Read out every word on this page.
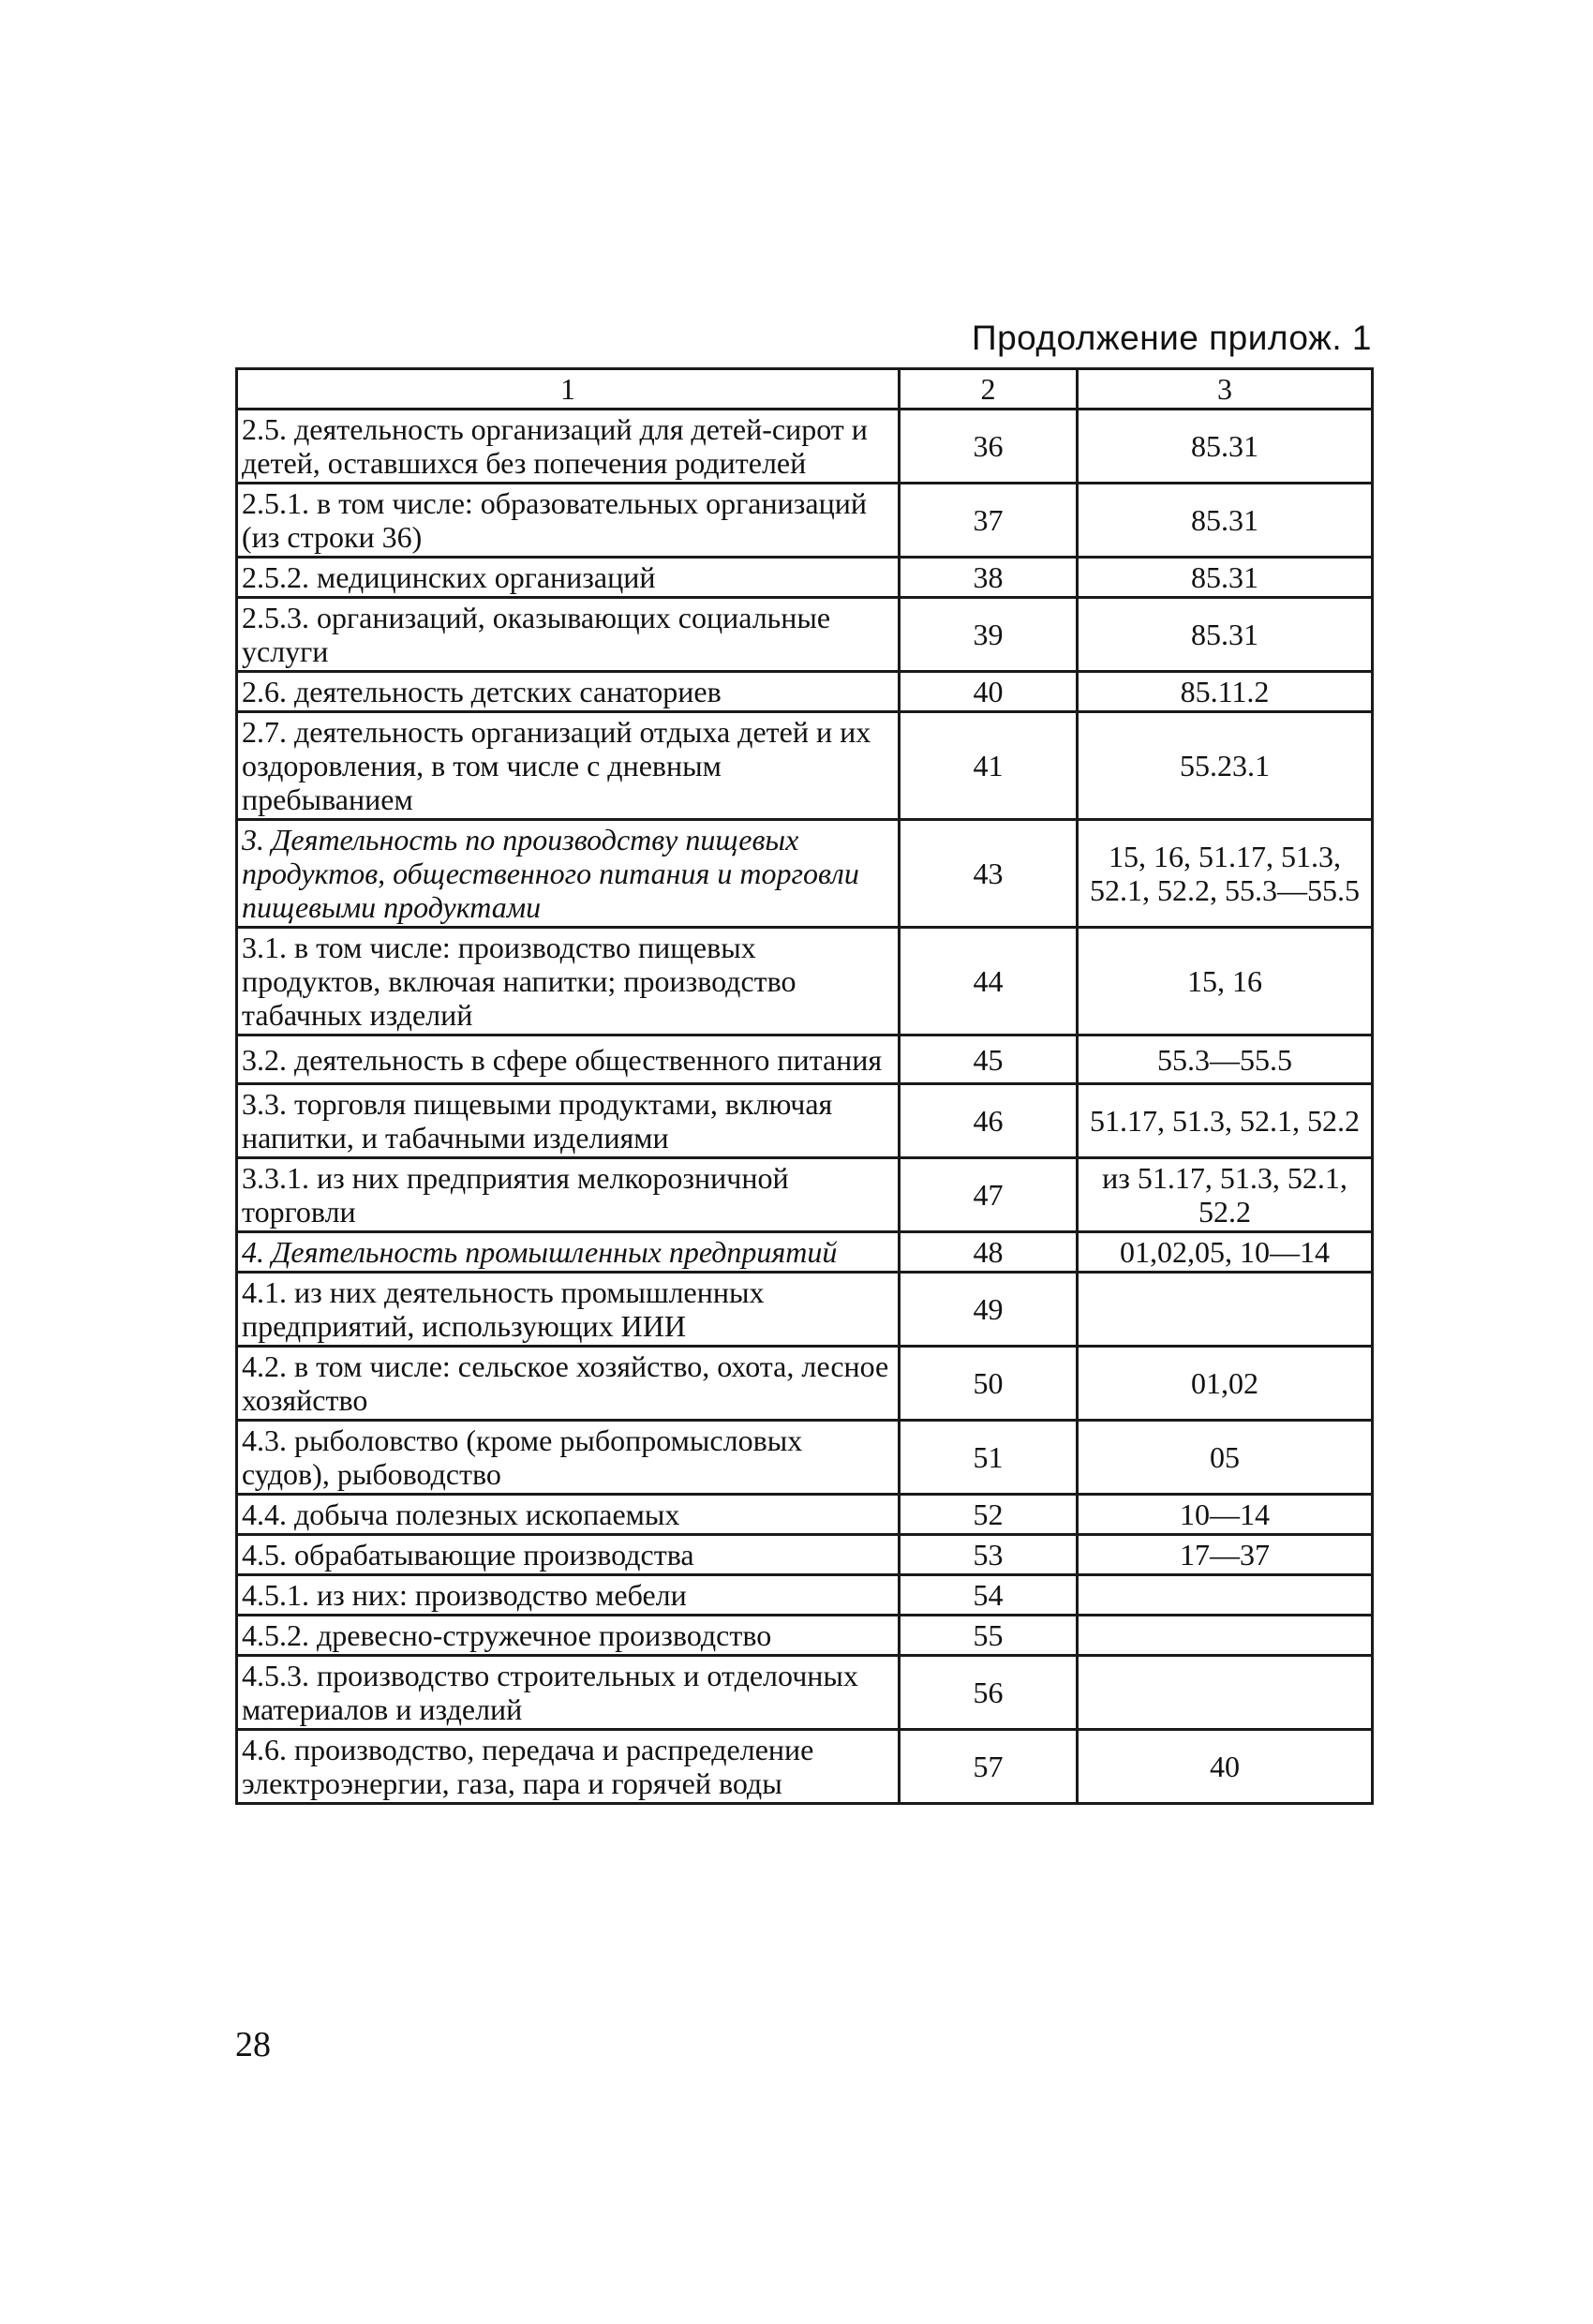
Продолжение прилож. 1
1	2	3
2.5. деятельность организаций для детей-сирот и детей, оставшихся без попечения родителей	36	85.31
2.5.1. в том числе: образовательных организаций (из строки 36)	37	85.31
2.5.2. медицинских организаций	38	85.31
2.5.3. организаций, оказывающих социальные услуги	39	85.31
2.6. деятельность детских санаториев	40	85.11.2
2.7. деятельность организаций отдыха детей и их оздоровления, в том числе с дневным пребыванием	41	55.23.1
3. Деятельность по производству пищевых продуктов, общественного питания и торговли пищевыми продуктами	43	15, 16, 51.17, 51.3, 52.1, 52.2, 55.3—55.5
3.1. в том числе: производство пищевых продуктов, включая напитки; производство табачных изделий	44	15, 16
3.2. деятельность в сфере общественного питания	45	55.3—55.5
3.3. торговля пищевыми продуктами, включая напитки, и табачными изделиями	46	51.17, 51.3, 52.1, 52.2
3.3.1. из них предприятия мелкорозничной торговли	47	из 51.17, 51.3, 52.1, 52.2
4. Деятельность промышленных предприятий	48	01,02,05, 10—14
4.1. из них деятельность промышленных предприятий, использующих ИИИ	49	
4.2. в том числе: сельское хозяйство, охота, лесное хозяйство	50	01,02
4.3. рыболовство (кроме рыбопромысловых судов), рыбоводство	51	05
4.4. добыча полезных ископаемых	52	10—14
4.5. обрабатывающие производства	53	17—37
4.5.1. из них: производство мебели	54	
4.5.2. древесно-стружечное производство	55	
4.5.3. производство строительных и отделочных материалов и изделий	56	
4.6. производство, передача и распределение электроэнергии, газа, пара и горячей воды	57	40
28
